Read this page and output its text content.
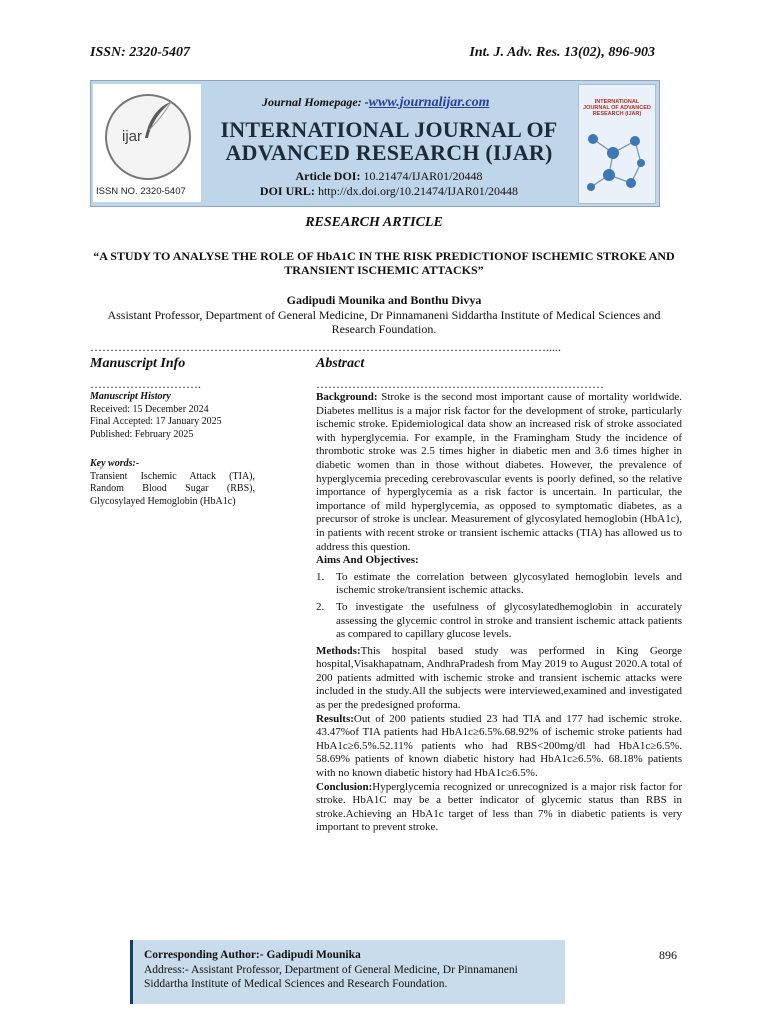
ISSN: 2320-5407	Int. J. Adv. Res. 13(02), 896-903
ijar
ISSN NO. 2320-5407
Journal Homepage: -www.journalijar.com
INTERNATIONAL JOURNAL OF
ADVANCED RESEARCH (IJAR)
Article DOI: 10.21474/IJAR01/20448
DOI URL: http://dx.doi.org/10.21474/IJAR01/20448
INTERNATIONAL JOURNAL OF ADVANCED RESEARCH (IJAR)
RESEARCH ARTICLE
“A STUDY TO ANALYSE THE ROLE OF HbA1C IN THE RISK PREDICTIONOF ISCHEMIC STROKE AND TRANSIENT ISCHEMIC ATTACKS”
Gadipudi Mounika and Bonthu Divya
Assistant Professor, Department of General Medicine, Dr Pinnamaneni Siddartha Institute of Medical Sciences and Research Foundation.
…………………………………………………………………………………………………….....
Manuscript Info
……………………….
Manuscript History
Received: 15 December 2024
Final Accepted: 17 January 2025
Published: February 2025
Key words:-
Transient Ischemic Attack (TIA), Random Blood Sugar (RBS), Glycosylayed Hemoglobin (HbA1c)
Abstract
………………………………………………………………

Background: Stroke is the second most important cause of mortality worldwide. Diabetes mellitus is a major risk factor for the development of stroke, particularly ischemic stroke. Epidemiological data show an increased risk of stroke associated with hyperglycemia. For example, in the Framingham Study the incidence of thrombotic stroke was 2.5 times higher in diabetic men and 3.6 times higher in diabetic women than in those without diabetes. However, the prevalence of hyperglycemia preceding cerebrovascular events is poorly defined, so the relative importance of hyperglycemia as a risk factor is uncertain. In particular, the importance of mild hyperglycemia, as opposed to symptomatic diabetes, as a precursor of stroke is unclear. Measurement of glycosylated hemoglobin (HbA1c), in patients with recent stroke or transient ischemic attacks (TIA) has allowed us to address this question.

Aims And Objectives:
1. To estimate the correlation between glycosylated hemoglobin levels and ischemic stroke/transient ischemic attacks.
2. To investigate the usefulness of glycosylatedhemoglobin in accurately assessing the glycemic control in stroke and transient ischemic attack patients as compared to capillary glucose levels.

Methods:This hospital based study was performed in King George hospital,Visakhapatnam, AndhraPradesh from May 2019 to August 2020.A total of 200 patients admitted with ischemic stroke and transient ischemic attacks were included in the study.All the subjects were interviewed,examined and investigated as per the predesigned proforma.

Results:Out of 200 patients studied 23 had TIA and 177 had ischemic stroke. 43.47%of TIA patients had HbA1c≥6.5%.68.92% of ischemic stroke patients had HbA1c≥6.5%.52.11% patients who had RBS<200mg/dl had HbA1c≥6.5%. 58.69% patients of known diabetic history had HbA1c≥6.5%. 68.18% patients with no known diabetic history had HbA1c≥6.5%.

Conclusion:Hyperglycemia recognized or unrecognized is a major risk factor for stroke. HbA1C may be a better indicator of glycemic status than RBS in stroke.Achieving an HbA1c target of less than 7% in diabetic patients is very important to prevent stroke.

Corresponding Author:- Gadipudi Mounika
Address:- Assistant Professor, Department of General Medicine, Dr Pinnamaneni Siddartha Institute of Medical Sciences and Research Foundation.
896
